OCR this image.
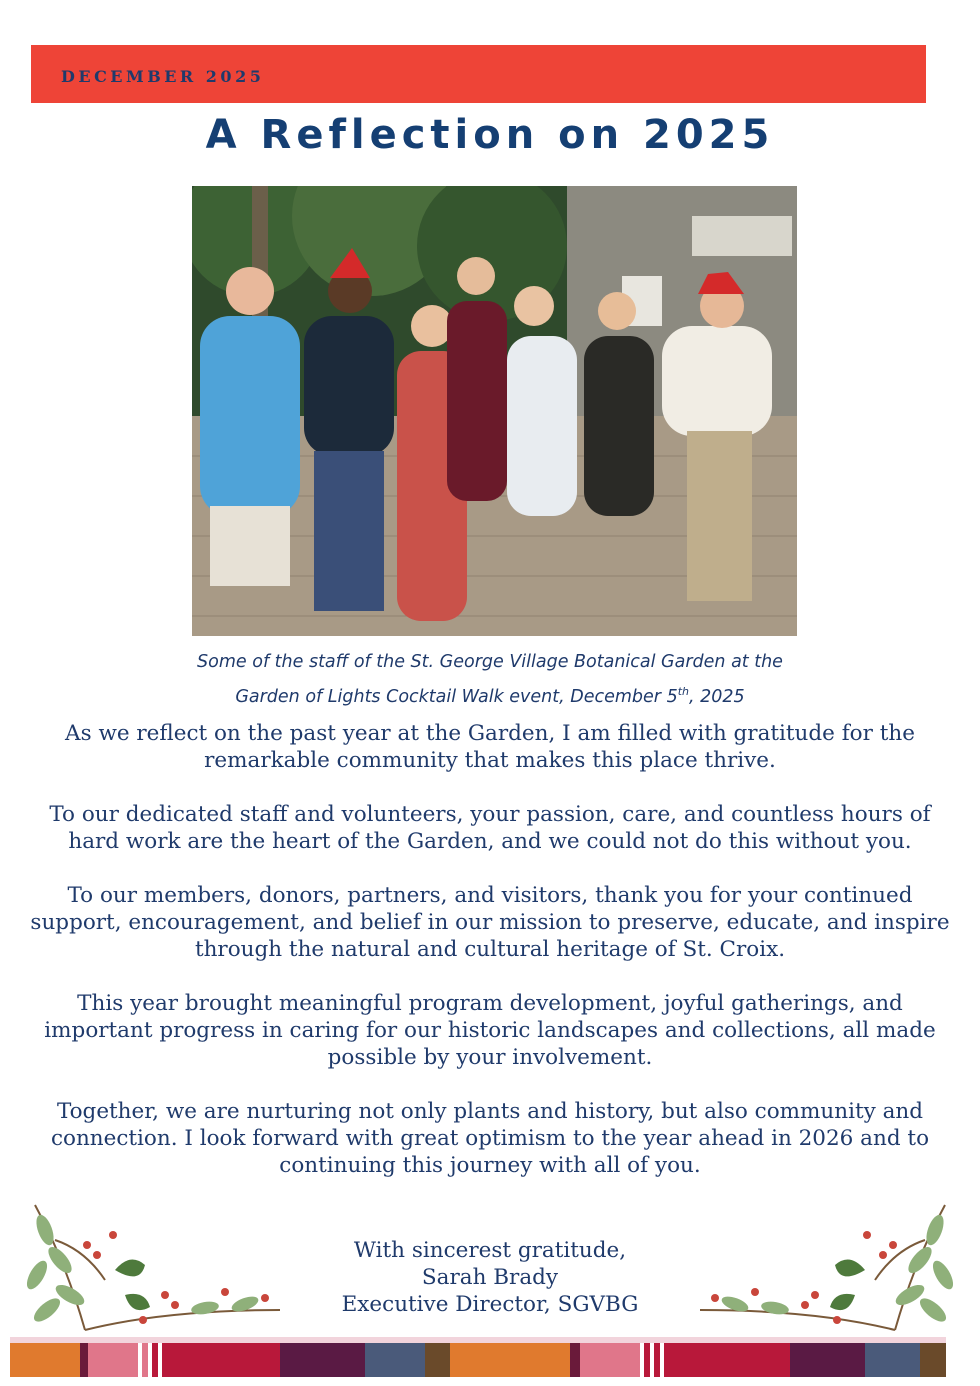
DECEMBER 2025
A Reflection on 2025
Some of the staff of the St. George Village Botanical Garden at the
Garden of Lights Cocktail Walk event, December 5th, 2025

As we reflect on the past year at the Garden, I am filled with gratitude for the remarkable community that makes this place thrive.

To our dedicated staff and volunteers, your passion, care, and countless hours of hard work are the heart of the Garden, and we could not do this without you.

To our members, donors, partners, and visitors, thank you for your continued support, encouragement, and belief in our mission to preserve, educate, and inspire through the natural and cultural heritage of St. Croix.

This year brought meaningful program development, joyful gatherings, and important progress in caring for our historic landscapes and collections, all made possible by your involvement.

Together, we are nurturing not only plants and history, but also community and connection. I look forward with great optimism to the year ahead in 2026 and to continuing this journey with all of you.

With sincerest gratitude,
Sarah Brady
Executive Director, SGVBG
